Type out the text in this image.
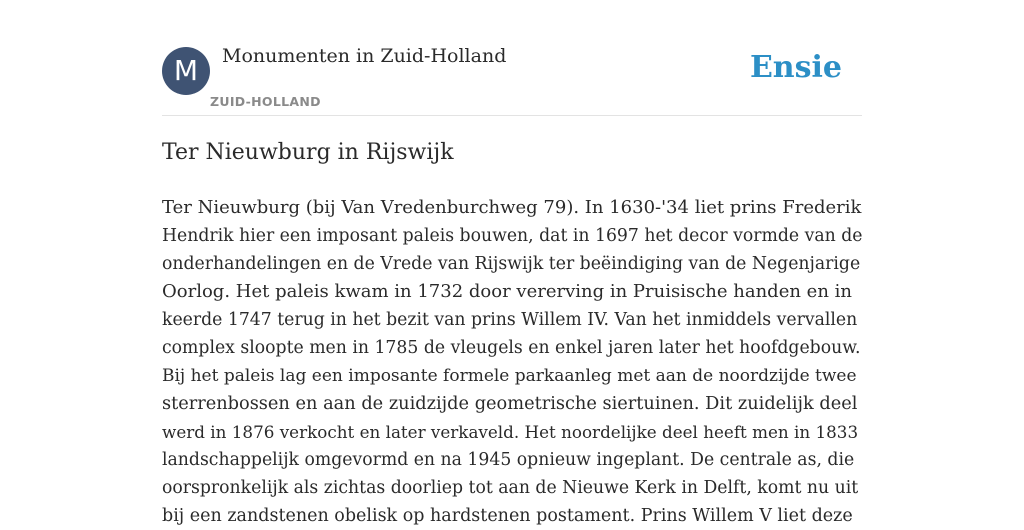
M	Monumenten in Zuid-Holland
ZUID-HOLLAND
Ensie
Ter Nieuwburg in Rijswijk

Ter Nieuwburg (bij Van Vredenburchweg 79). In 1630-'34 liet prins Frederik
Hendrik hier een imposant paleis bouwen, dat in 1697 het decor vormde van de
onderhandelingen en de Vrede van Rijswijk ter beëindiging van de Negenjarige
Oorlog. Het paleis kwam in 1732 door vererving in Pruisische handen en in
keerde 1747 terug in het bezit van prins Willem IV. Van het inmiddels vervallen
complex sloopte men in 1785 de vleugels en enkel jaren later het hoofdgebouw.
Bij het paleis lag een imposante formele parkaanleg met aan de noordzijde twee
sterrenbossen en aan de zuidzijde geometrische siertuinen. Dit zuidelijk deel
werd in 1876 verkocht en later verkaveld. Het noordelijke deel heeft men in 1833
landschappelijk omgevormd en na 1945 opnieuw ingeplant. De centrale as, die
oorspronkelijk als zichtas doorliep tot aan de Nieuwe Kerk in Delft, komt nu uit
bij een zandstenen obelisk op hardstenen postament. Prins Willem V liet deze
